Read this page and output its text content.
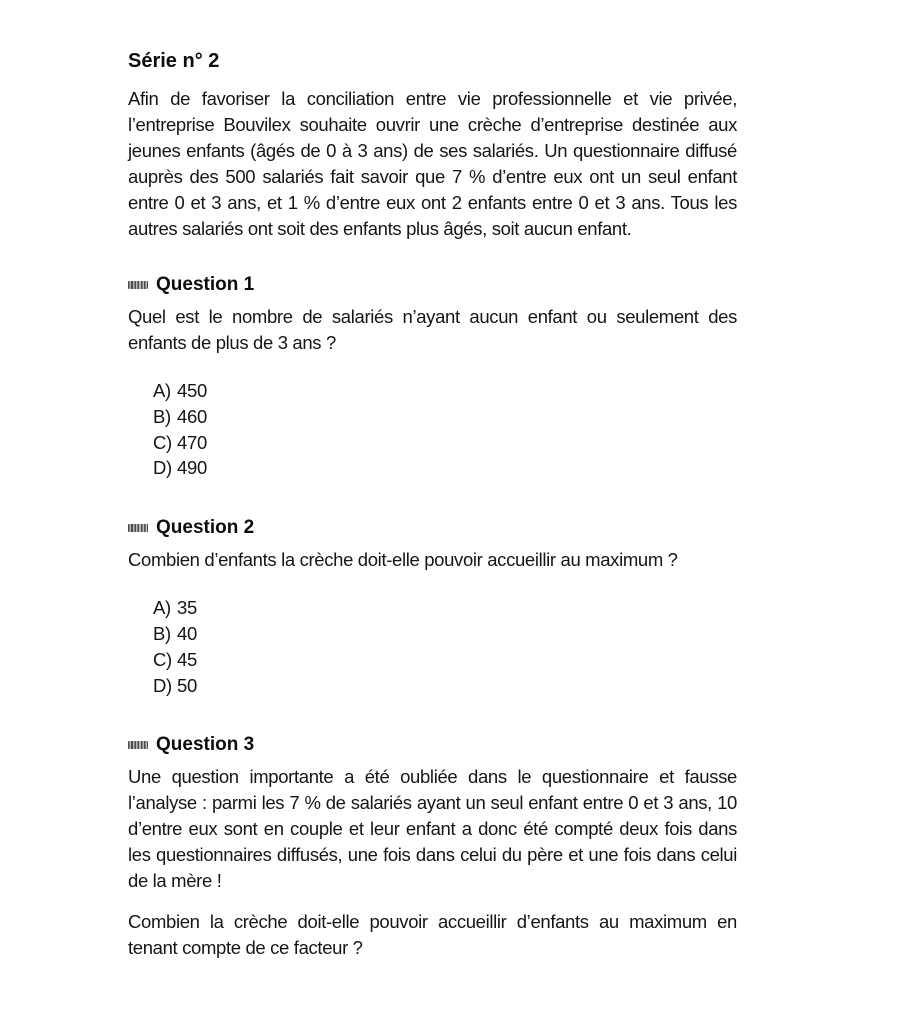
Série n° 2

Afin de favoriser la conciliation entre vie professionnelle et vie privée, l’entreprise Bouvilex souhaite ouvrir une crèche d’entreprise destinée aux jeunes enfants (âgés de 0 à 3 ans) de ses salariés. Un questionnaire diffusé auprès des 500 salariés fait savoir que 7 % d’entre eux ont un seul enfant entre 0 et 3 ans, et 1 % d’entre eux ont 2 enfants entre 0 et 3 ans. Tous les autres salariés ont soit des enfants plus âgés, soit aucun enfant.

Question 1

Quel est le nombre de salariés n’ayant aucun enfant ou seulement des enfants de plus de 3 ans ?

A) 450
B) 460
C) 470
D) 490
Question 2

Combien d’enfants la crèche doit-elle pouvoir accueillir au maximum ?

A) 35
B) 40
C) 45
D) 50
Question 3

Une question importante a été oubliée dans le questionnaire et fausse l’analyse : parmi les 7 % de salariés ayant un seul enfant entre 0 et 3 ans, 10 d’entre eux sont en couple et leur enfant a donc été compté deux fois dans les questionnaires diffusés, une fois dans celui du père et une fois dans celui de la mère !

Combien la crèche doit-elle pouvoir accueillir d’enfants au maximum en tenant compte de ce facteur ?
